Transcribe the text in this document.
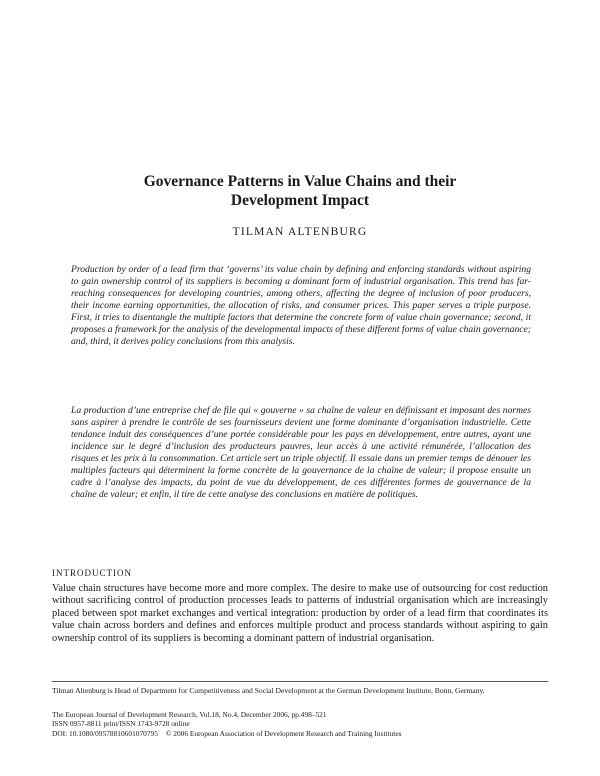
Governance Patterns in Value Chains and their
Development Impact
TILMAN ALTENBURG

Production by order of a lead firm that ‘governs’ its value chain by defining and enforcing standards without aspiring to gain ownership control of its suppliers is becoming a dominant form of industrial organisation. This trend has far-reaching consequences for developing countries, among others, affecting the degree of inclusion of poor producers, their income earning opportunities, the allocation of risks, and consumer prices. This paper serves a triple purpose. First, it tries to disentangle the multiple factors that determine the concrete form of value chain governance; second, it proposes a framework for the analysis of the developmental impacts of these different forms of value chain governance; and, third, it derives policy conclusions from this analysis.

La production d’une entreprise chef de file qui « gouverne » sa chaîne de valeur en définissant et imposant des normes sans aspirer à prendre le contrôle de ses fournisseurs devient une forme dominante d’organisation industrielle. Cette tendance induit des conséquences d’une portée considérable pour les pays en développement, entre autres, ayant une incidence sur le degré d’inclusion des producteurs pauvres, leur accès à une activité rémunérée, l’allocation des risques et les prix à la consommation. Cet article sert un triple objectif. Il essaie dans un premier temps de dénouer les multiples facteurs qui déterminent la forme concrète de la gouvernance de la chaîne de valeur; il propose ensuite un cadre à l’analyse des impacts, du point de vue du développement, de ces différentes formes de gouvernance de la chaîne de valeur; et enfin, il tire de cette analyse des conclusions en matière de politiques.

INTRODUCTION

Value chain structures have become more and more complex. The desire to make use of outsourcing for cost reduction without sacrificing control of production processes leads to patterns of industrial organisation which are increasingly placed between spot market exchanges and vertical integration: production by order of a lead firm that coordinates its value chain across borders and defines and enforces multiple product and process standards without aspiring to gain ownership control of its suppliers is becoming a dominant pattern of industrial organisation.

Tilman Altenburg is Head of Department for Competitiveness and Social Development at the German Development Institute, Bonn, Germany.

The European Journal of Development Research, Vol.18, No.4, December 2006, pp.498–521
ISSN 0957-8811 print/ISSN 1743-9728 online
DOI: 10.1080/09578810601070795 © 2006 European Association of Development Research and Training Institutes
